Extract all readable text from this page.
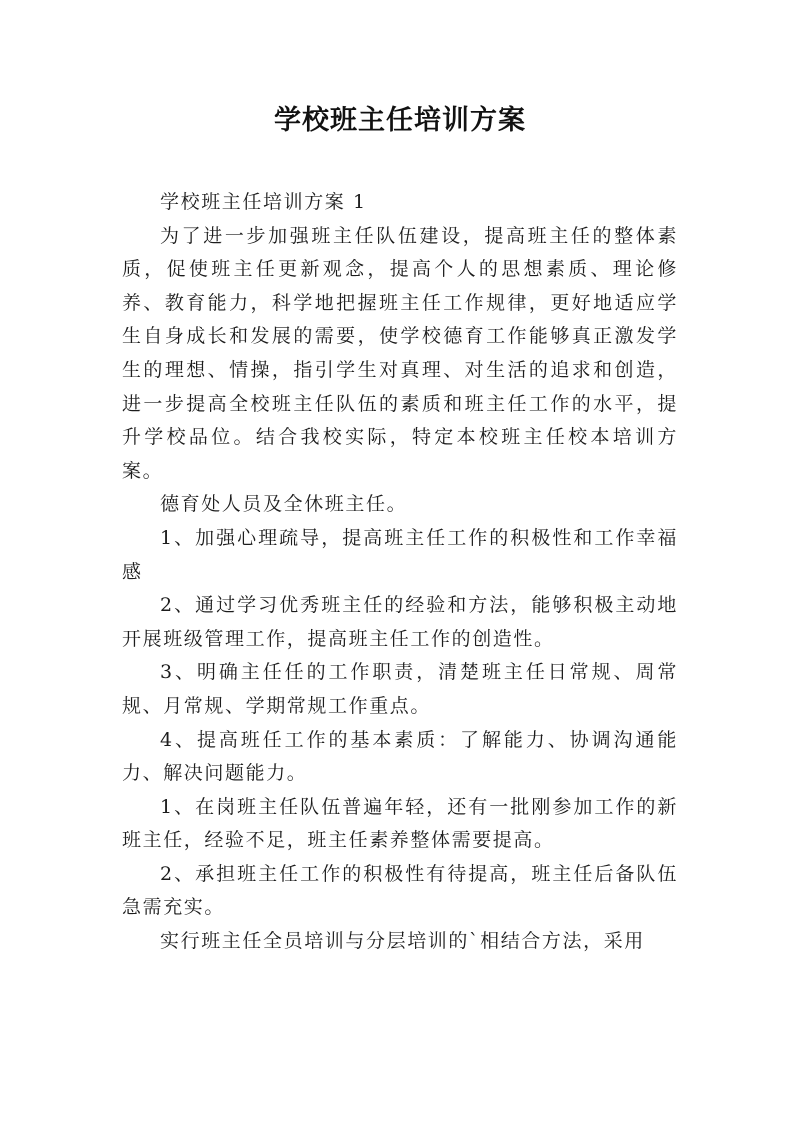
学校班主任培训方案

学校班主任培训方案 1

为了进一步加强班主任队伍建设，提高班主任的整体素质，促使班主任更新观念，提高个人的思想素质、理论修养、教育能力，科学地把握班主任工作规律，更好地适应学生自身成长和发展的需要，使学校德育工作能够真正激发学生的理想、情操，指引学生对真理、对生活的追求和创造，进一步提高全校班主任队伍的素质和班主任工作的水平，提升学校品位。结合我校实际，特定本校班主任校本培训方案。

德育处人员及全休班主任。

1、加强心理疏导，提高班主任工作的积极性和工作幸福感

2、通过学习优秀班主任的经验和方法，能够积极主动地开展班级管理工作，提高班主任工作的创造性。

3、明确主任任的工作职责，清楚班主任日常规、周常规、月常规、学期常规工作重点。

4、提高班任工作的基本素质：了解能力、协调沟通能力、解决问题能力。

1、在岗班主任队伍普遍年轻，还有一批刚参加工作的新班主任，经验不足，班主任素养整体需要提高。

2、承担班主任工作的积极性有待提高，班主任后备队伍急需充实。

实行班主任全员培训与分层培训的`相结合方法，采用
